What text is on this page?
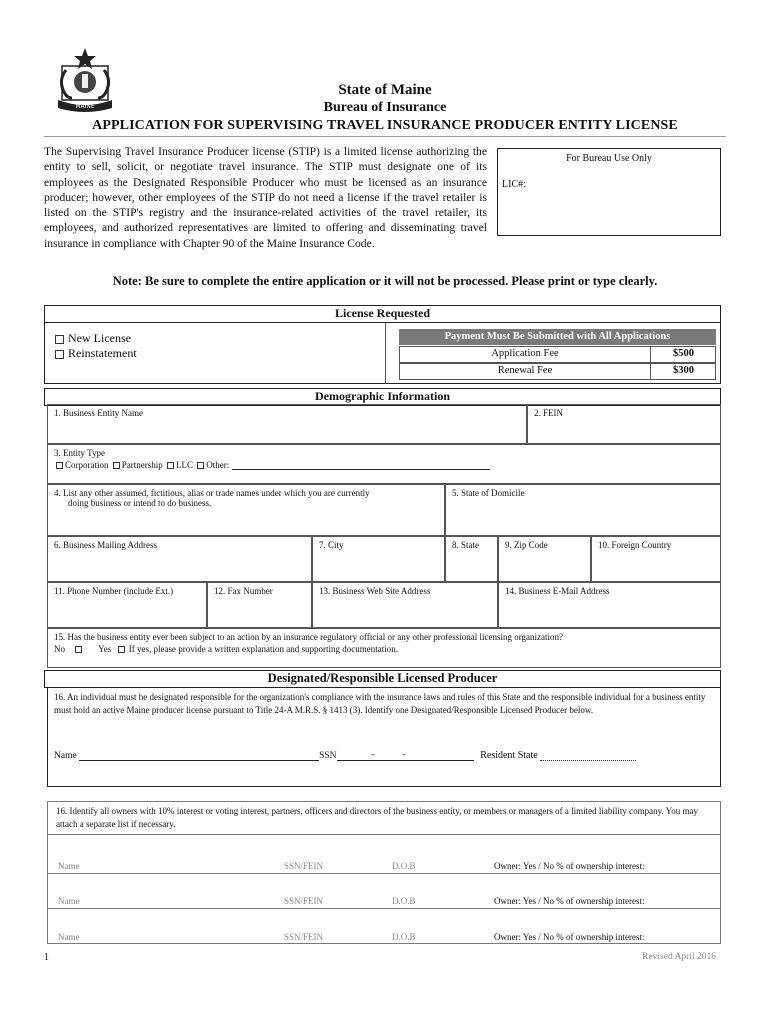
MAINE
State of Maine
Bureau of Insurance
APPLICATION FOR SUPERVISING TRAVEL INSURANCE PRODUCER ENTITY LICENSE
The Supervising Travel Insurance Producer license (STIP) is a limited license authorizing the entity to sell, solicit, or negotiate travel insurance. The STIP must designate one of its employees as the Designated Responsible Producer who must be licensed as an insurance producer; however, other employees of the STIP do not need a license if the travel retailer is listed on the STIP's registry and the insurance-related activities of the travel retailer, its employees, and authorized representatives are limited to offering and disseminating travel insurance in compliance with Chapter 90 of the Maine Insurance Code.
For Bureau Use Only
LIC#:
Note: Be sure to complete the entire application or it will not be processed. Please print or type clearly.
License Requested
New License
Reinstatement
Payment Must Be Submitted with All Applications
Application Fee	$500
Renewal Fee	$300
Demographic Information
1. Business Entity Name	2. FEIN
3. Entity Type
Corporation Partnership LLC Other:
4. List any other assumed, fictitious, alias or trade names under which you are currently
doing business or intend to do business.
5. State of Domicile
6. Business Mailing Address	7. City	8. State	9. Zip Code	10. Foreign Country
11. Phone Number (include Ext.)	12. Fax Number	13. Business Web Site Address	14. Business E-Mail Address
15. Has the business entity ever been subject to an action by an insurance regulatory official or any other professional licensing organization?
No	Yes If yes, please provide a written explanation and supporting documentation.
Designated/Responsible Licensed Producer
16. An individual must be designated responsible for the organization's compliance with the insurance laws and rules of this State and the responsible individual for a business entity must hold an active Maine producer license pursuant to Title 24-A M.R.S. § 1413 (3). Identify one Designated/Responsible Licensed Producer below.
Name	SSN	-	-	Resident State
16. Identify all owners with 10% interest or voting interest, partners, officers and directors of the business entity, or members or managers of a limited liability company. You may attach a separate list if necessary.
Name	SSN/FEIN	D.O.B	Owner: Yes / No % of ownership interest:
Name	SSN/FEIN	D.O.B	Owner: Yes / No % of ownership interest:
Name	SSN/FEIN	D.O.B	Owner: Yes / No % of ownership interest:
1	Revised April 2016
